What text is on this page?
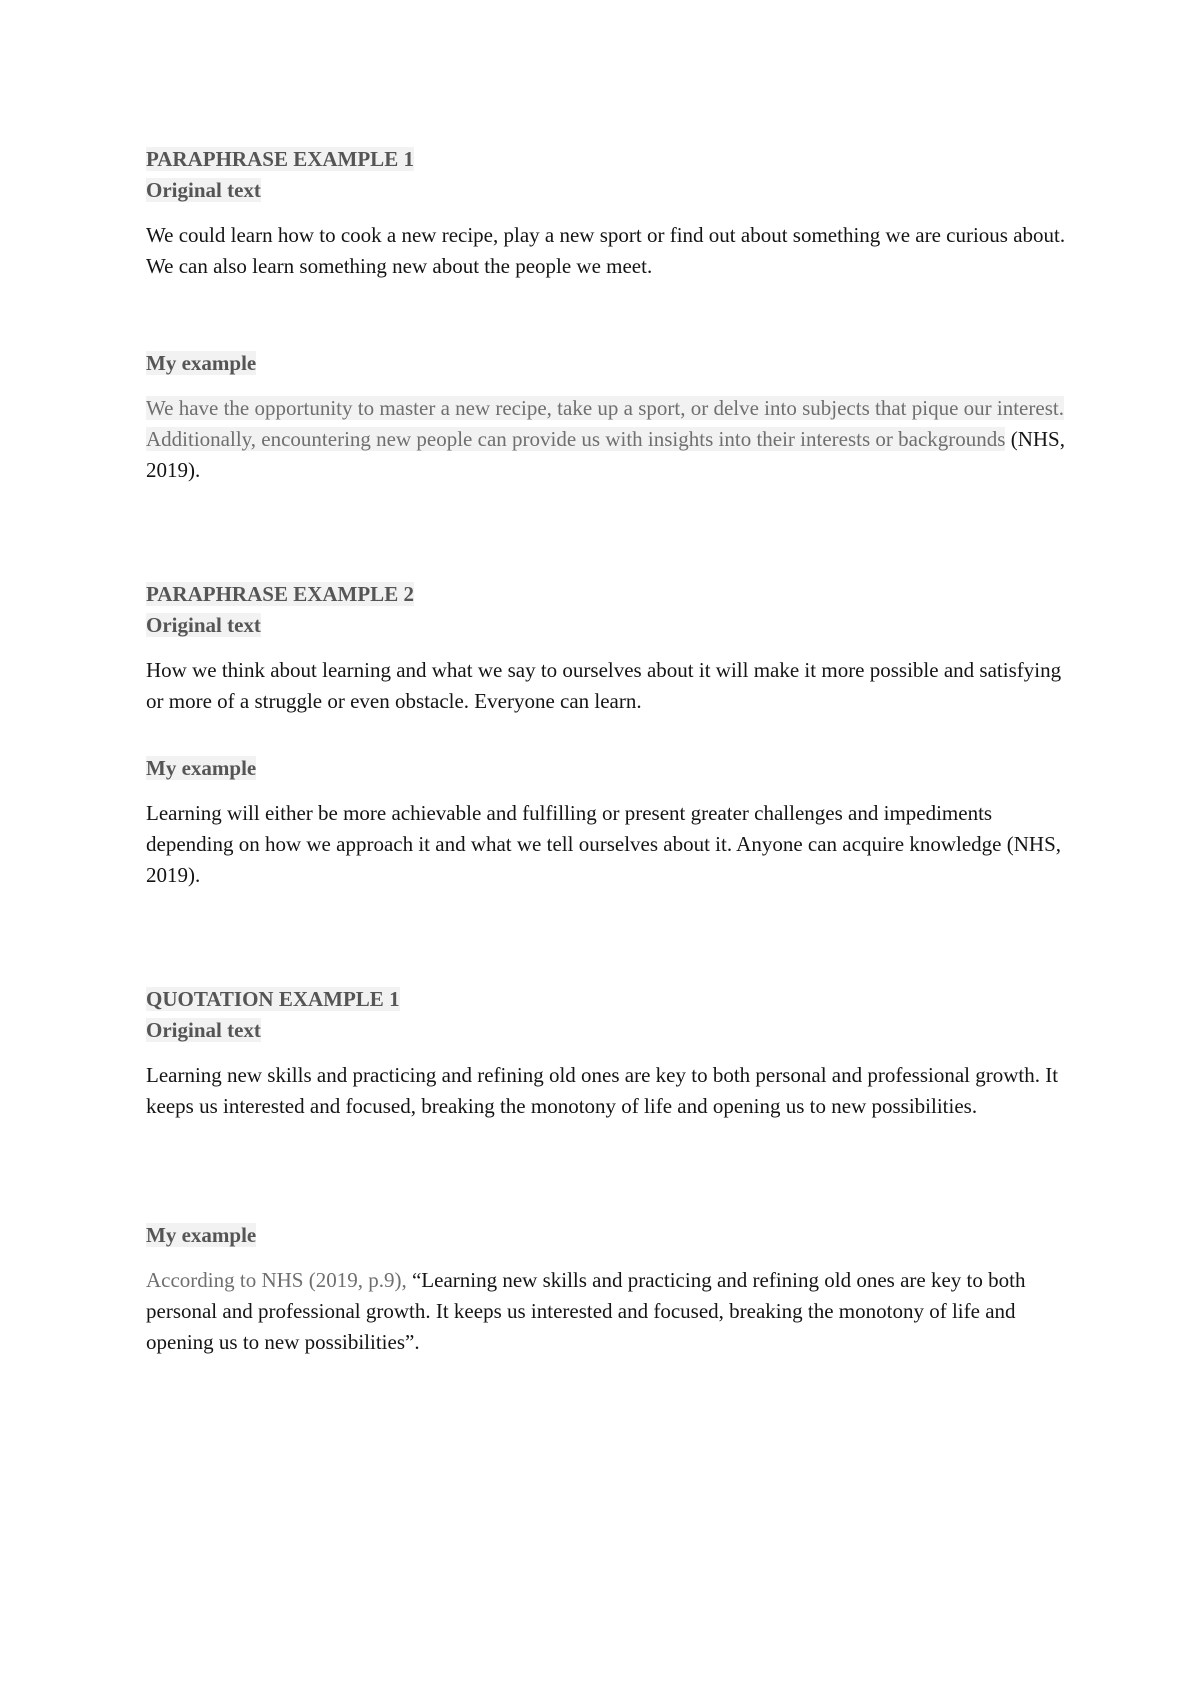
PARAPHRASE EXAMPLE 1

Original text

We could learn how to cook a new recipe, play a new sport or find out about something we are curious about. We can also learn something new about the people we meet.

My example

We have the opportunity to master a new recipe, take up a sport, or delve into subjects that pique our interest. Additionally, encountering new people can provide us with insights into their interests or backgrounds (NHS, 2019).

PARAPHRASE EXAMPLE 2

Original text

How we think about learning and what we say to ourselves about it will make it more possible and satisfying or more of a struggle or even obstacle. Everyone can learn.

My example

Learning will either be more achievable and fulfilling or present greater challenges and impediments depending on how we approach it and what we tell ourselves about it. Anyone can acquire knowledge (NHS, 2019).

QUOTATION EXAMPLE 1

Original text

Learning new skills and practicing and refining old ones are key to both personal and professional growth. It keeps us interested and focused, breaking the monotony of life and opening us to new possibilities.

My example

According to NHS (2019, p.9), “Learning new skills and practicing and refining old ones are key to both personal and professional growth. It keeps us interested and focused, breaking the monotony of life and opening us to new possibilities”.
